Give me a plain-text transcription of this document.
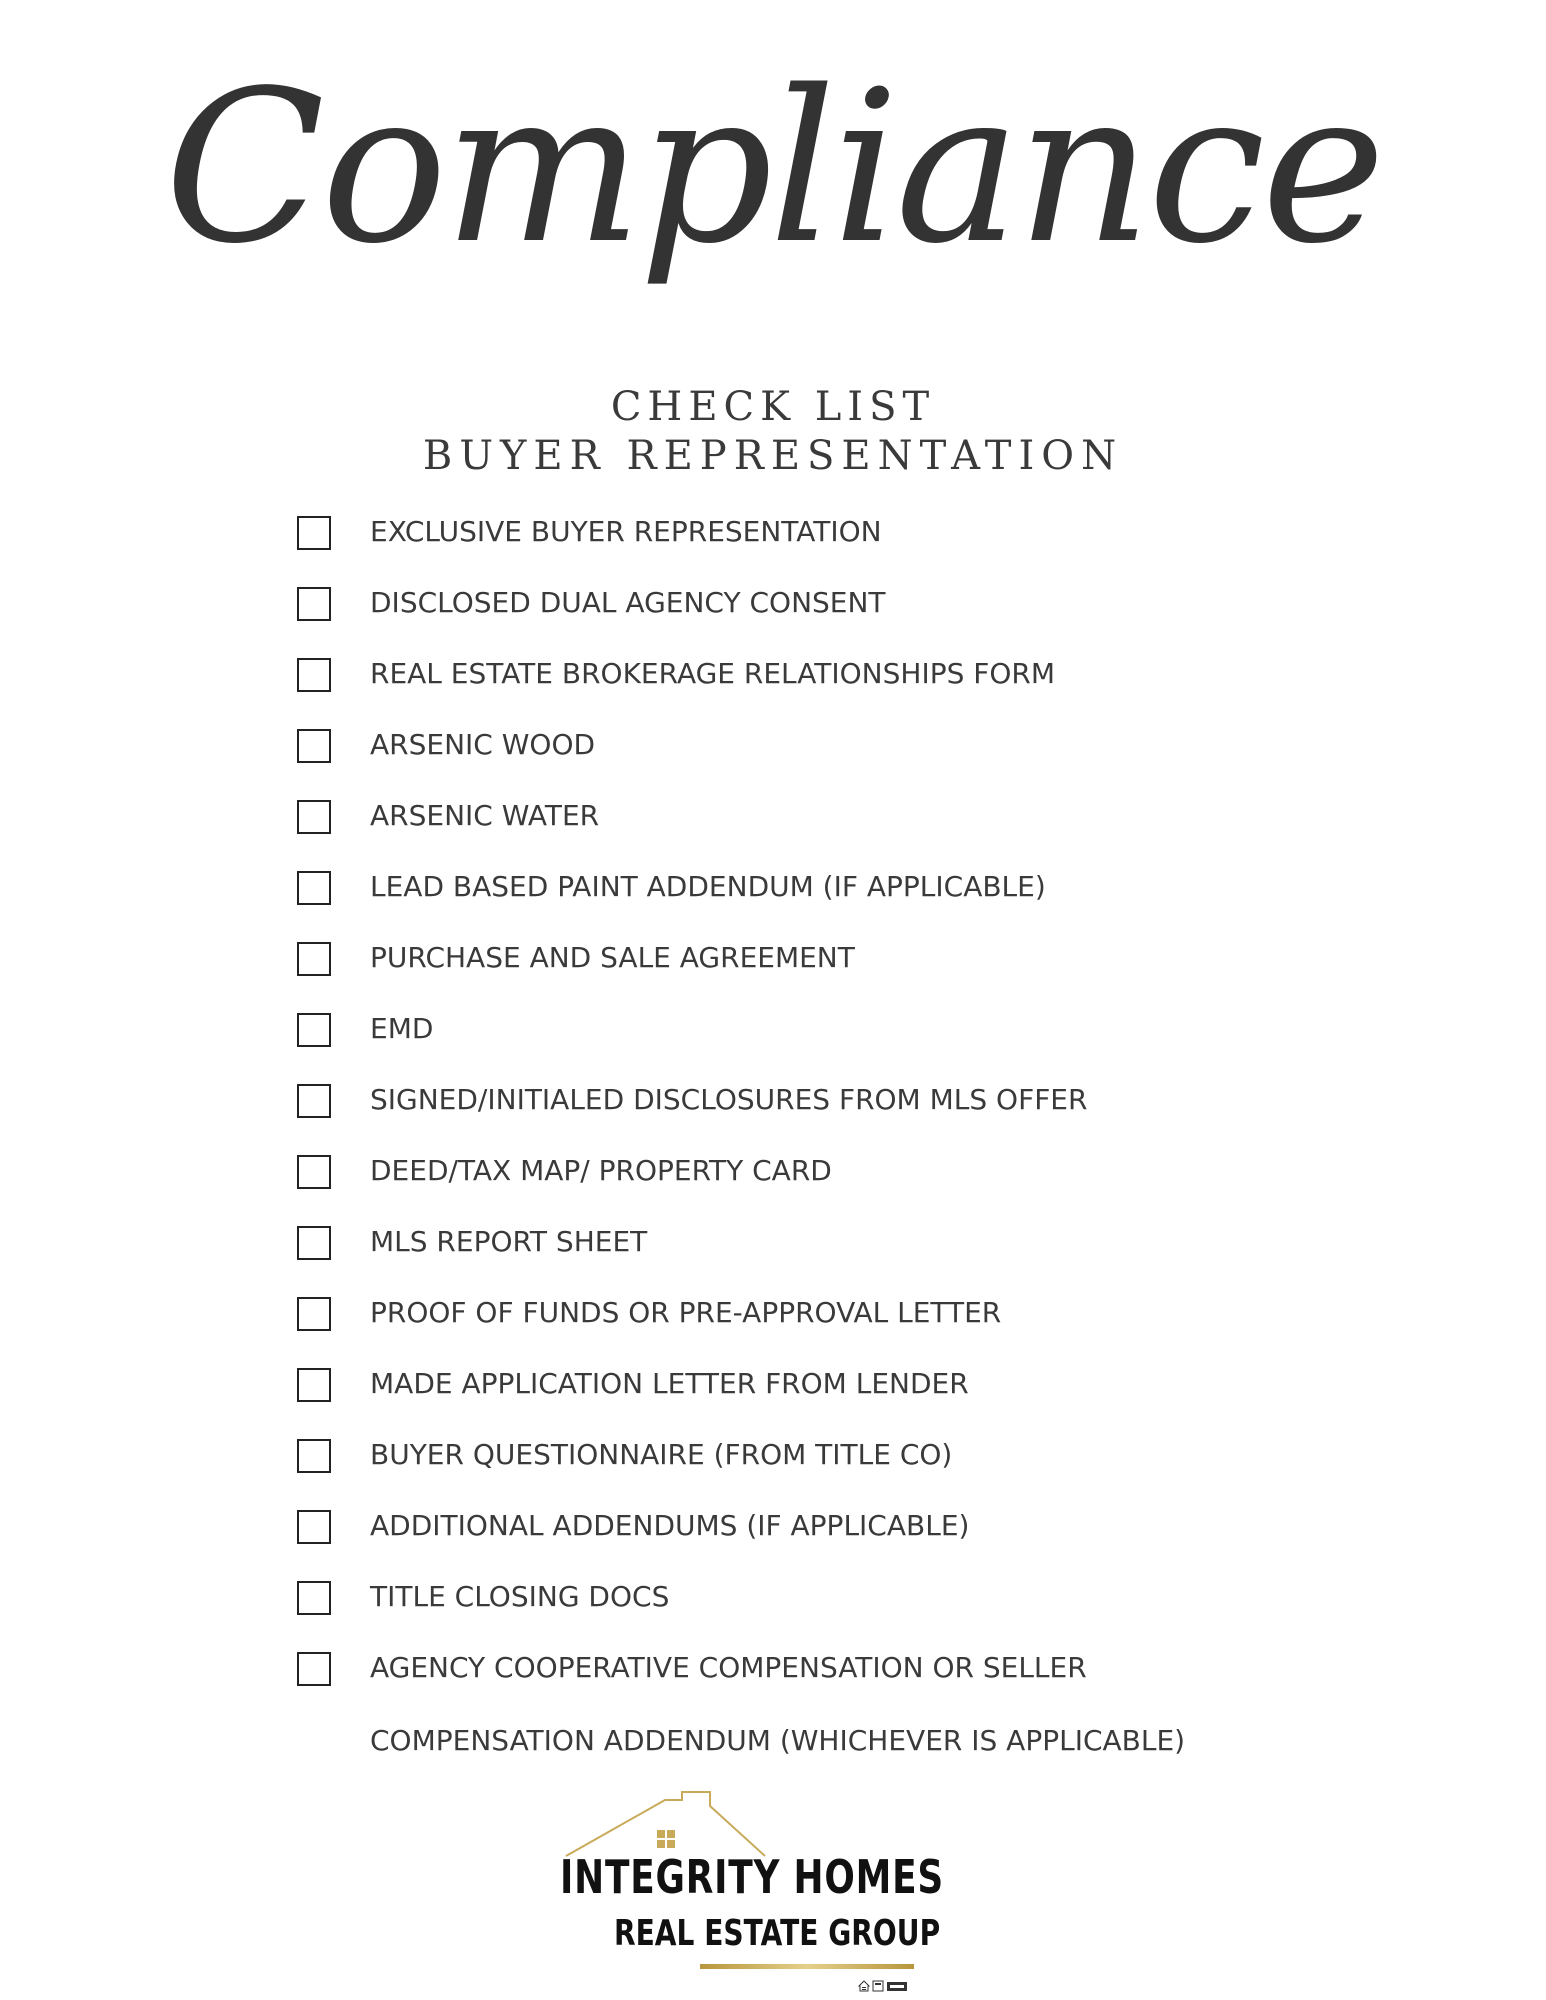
Compliance
CHECK LIST
BUYER REPRESENTATION
EXCLUSIVE BUYER REPRESENTATION
DISCLOSED DUAL AGENCY CONSENT
REAL ESTATE BROKERAGE RELATIONSHIPS FORM
ARSENIC WOOD
ARSENIC WATER
LEAD BASED PAINT ADDENDUM (IF APPLICABLE)
PURCHASE AND SALE AGREEMENT
EMD
SIGNED/INITIALED DISCLOSURES FROM MLS OFFER
DEED/TAX MAP/ PROPERTY CARD
MLS REPORT SHEET
PROOF OF FUNDS OR PRE-APPROVAL LETTER
MADE APPLICATION LETTER FROM LENDER
BUYER QUESTIONNAIRE (FROM TITLE CO)
ADDITIONAL ADDENDUMS (IF APPLICABLE)
TITLE CLOSING DOCS
AGENCY COOPERATIVE COMPENSATION OR SELLER
COMPENSATION ADDENDUM (WHICHEVER IS APPLICABLE)
INTEGRITY HOMES
REAL ESTATE GROUP
